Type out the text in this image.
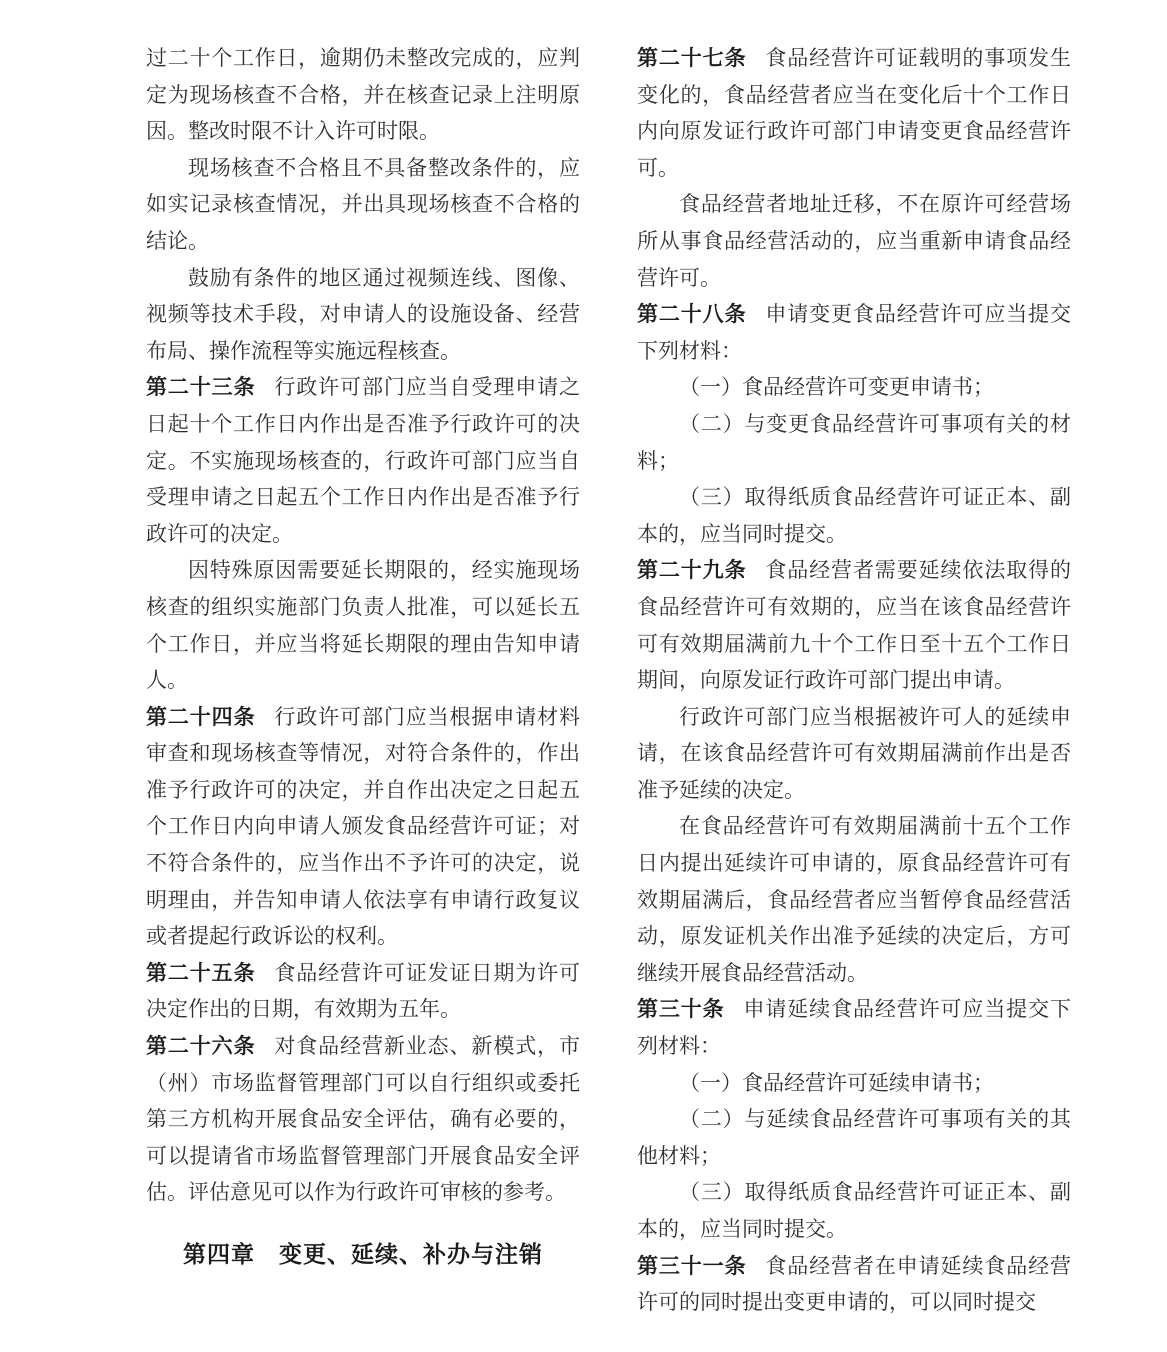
过二十个工作日，逾期仍未整改完成的，应判定为现场核查不合格，并在核查记录上注明原因。整改时限不计入许可时限。

现场核查不合格且不具备整改条件的，应如实记录核查情况，并出具现场核查不合格的结论。

鼓励有条件的地区通过视频连线、图像、视频等技术手段，对申请人的设施设备、经营布局、操作流程等实施远程核查。

第二十三条 行政许可部门应当自受理申请之日起十个工作日内作出是否准予行政许可的决定。不实施现场核查的，行政许可部门应当自受理申请之日起五个工作日内作出是否准予行政许可的决定。

因特殊原因需要延长期限的，经实施现场核查的组织实施部门负责人批准，可以延长五个工作日，并应当将延长期限的理由告知申请人。

第二十四条 行政许可部门应当根据申请材料审查和现场核查等情况，对符合条件的，作出准予行政许可的决定，并自作出决定之日起五个工作日内向申请人颁发食品经营许可证；对不符合条件的，应当作出不予许可的决定，说明理由，并告知申请人依法享有申请行政复议或者提起行政诉讼的权利。

第二十五条 食品经营许可证发证日期为许可决定作出的日期，有效期为五年。

第二十六条 对食品经营新业态、新模式，市（州）市场监督管理部门可以自行组织或委托第三方机构开展食品安全评估，确有必要的，可以提请省市场监督管理部门开展食品安全评估。评估意见可以作为行政许可审核的参考。

第四章　变更、延续、补办与注销

第二十七条 食品经营许可证载明的事项发生变化的，食品经营者应当在变化后十个工作日内向原发证行政许可部门申请变更食品经营许可。

食品经营者地址迁移，不在原许可经营场所从事食品经营活动的，应当重新申请食品经营许可。

第二十八条 申请变更食品经营许可应当提交下列材料：

（一）食品经营许可变更申请书；

（二）与变更食品经营许可事项有关的材料；

（三）取得纸质食品经营许可证正本、副本的，应当同时提交。

第二十九条 食品经营者需要延续依法取得的食品经营许可有效期的，应当在该食品经营许可有效期届满前九十个工作日至十五个工作日期间，向原发证行政许可部门提出申请。

行政许可部门应当根据被许可人的延续申请，在该食品经营许可有效期届满前作出是否准予延续的决定。

在食品经营许可有效期届满前十五个工作日内提出延续许可申请的，原食品经营许可有效期届满后，食品经营者应当暂停食品经营活动，原发证机关作出准予延续的决定后，方可继续开展食品经营活动。

第三十条 申请延续食品经营许可应当提交下列材料：

（一）食品经营许可延续申请书；

（二）与延续食品经营许可事项有关的其他材料；

（三）取得纸质食品经营许可证正本、副本的，应当同时提交。

第三十一条 食品经营者在申请延续食品经营许可的同时提出变更申请的，可以同时提交
